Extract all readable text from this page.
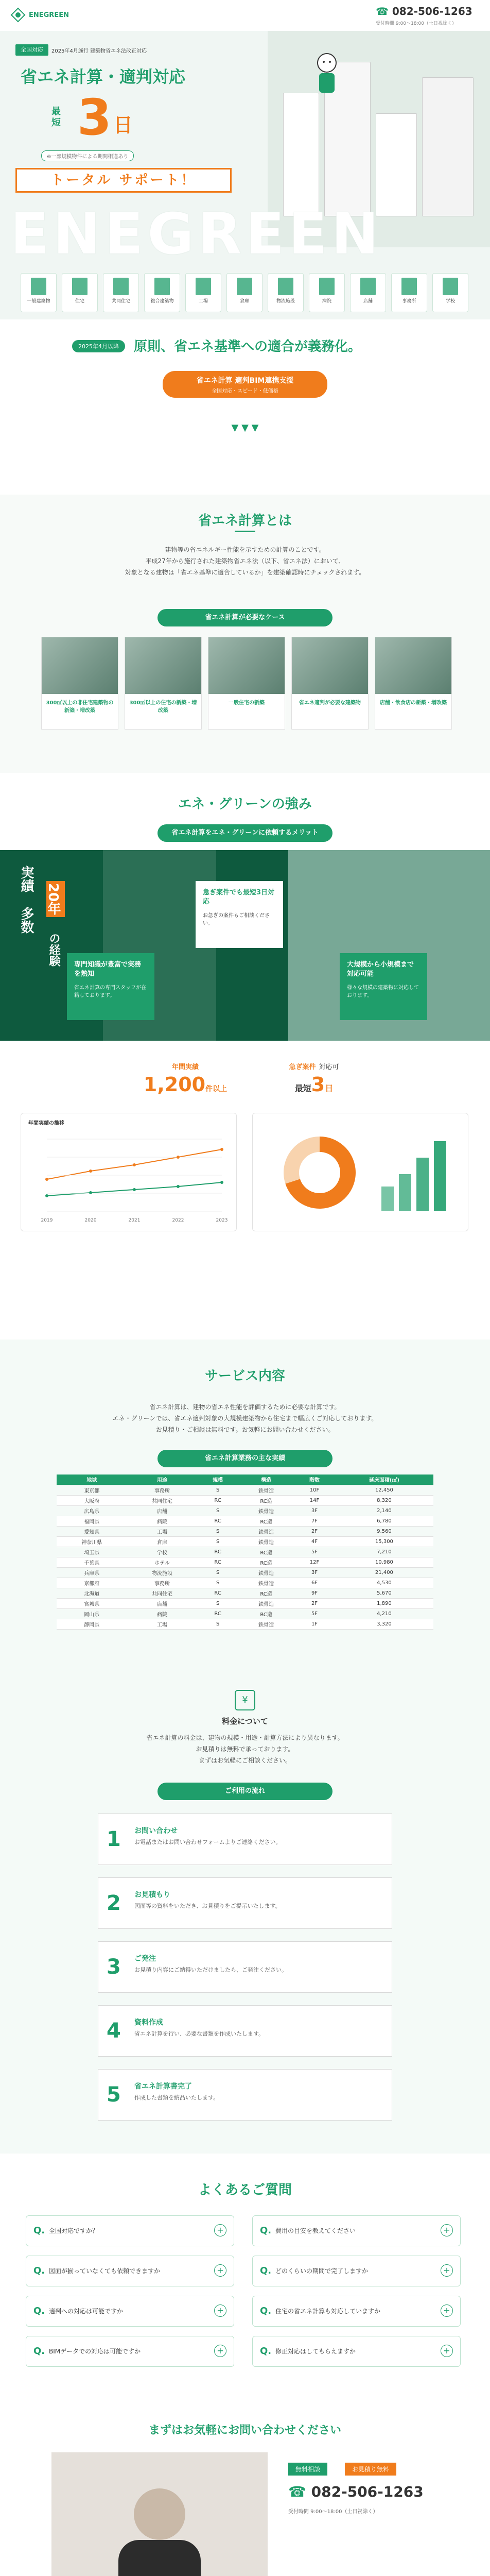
ENEGREEN	☎ 082-506-1263
受付時間 9:00〜18:00（土日祝除く）
全国対応	2025年4月施行 建築物省エネ法改正対応
省エネ計算・適判対応
最短 3 日
※一部規模物件による期間相違あり
トータル サポート！
ENEGREEN
一般建築物	住宅	共同住宅	複合建築物	工場	倉庫	物流施設	病院	店舗	事務所	学校
2025年4月以降	原則、省エネ基準への適合が義務化。
省エネ計算 適判BIM連携支援
全国対応・スピード・低価格
▼ ▼ ▼
省エネ計算とは
建物等の省エネルギー性能を示すための計算のことです。
平成27年から施行された建築物省エネ法（以下、省エネ法）において、
対象となる建物は「省エネ基準に適合しているか」を建築確認時にチェックされます。
省エネ計算が必要なケース
300㎡以上の非住宅建築物の新築・増改築
300㎡以上の住宅の新築・増改築
一般住宅の新築	省エネ適判が必要な建築物	店舗・飲食店の新築・増改築
エネ・グリーンの強み
省エネ計算をエネ・グリーンに依頼するメリット
実績
多数
20年
の経験 専門知識が豊富で実務を熟知
省エネ計算の専門スタッフが在籍しております。
急ぎ案件でも最短3日対応
お急ぎの案件もご相談ください。
大規模から小規模まで対応可能
様々な規模の建築物に対応しております。
年間実績
1,200件以上
急ぎ案件 対応可
最短3日
年間実績の推移
2019	2020	2021	2022	2023
サービス内容
省エネ計算は、建物の省エネ性能を評価するために必要な計算です。
エネ・グリーンでは、省エネ適判対象の大規模建築物から住宅まで幅広くご対応しております。
お見積り・ご相談は無料です。お気軽にお問い合わせください。
省エネ計算業務の主な実績
地域	用途	規模	構造	階数	延床面積(㎡)
東京都	事務所	S	鉄骨造	10F	12,450
大阪府	共同住宅	RC	RC造	14F	8,320
広島県	店舗	S	鉄骨造	3F	2,140
福岡県	病院	RC	RC造	7F	6,780
愛知県	工場	S	鉄骨造	2F	9,560
神奈川県	倉庫	S	鉄骨造	4F	15,300
埼玉県	学校	RC	RC造	5F	7,210
千葉県	ホテル	RC	RC造	12F	10,980
兵庫県	物流施設	S	鉄骨造	3F	21,400
京都府	事務所	S	鉄骨造	6F	4,530
北海道	共同住宅	RC	RC造	9F	5,670
宮城県	店舗	S	鉄骨造	2F	1,890
岡山県	病院	RC	RC造	5F	4,210
静岡県	工場	S	鉄骨造	1F	3,320
¥
料金について
省エネ計算の料金は、建物の規模・用途・計算方法により異なります。
お見積りは無料で承っております。
まずはお気軽にご相談ください。
ご利用の流れ
1 お問い合わせ
お電話またはお問い合わせフォームよりご連絡ください。
2 お見積もり
図面等の資料をいただき、お見積りをご提示いたします。
3 ご発注
お見積り内容にご納得いただけましたら、ご発注ください。
4 資料作成
省エネ計算を行い、必要な書類を作成いたします。
5 省エネ計算書完了
作成した書類を納品いたします。
よくあるご質問
Q. 全国対応ですか？	+	Q. 費用の目安を教えてください	+
Q. 図面が揃っていなくても依頼できますか	+	Q. どのくらいの期間で完了しますか	+
Q. 適判への対応は可能ですか	+	Q. 住宅の省エネ計算も対応していますか	+
Q. BIMデータでの対応は可能ですか	+	Q. 修正対応はしてもらえますか	+
まずはお気軽にお問い合わせください
無料相談	お見積り無料
☎ 082-506-1263
受付時間 9:00〜18:00（土日祝除く）
